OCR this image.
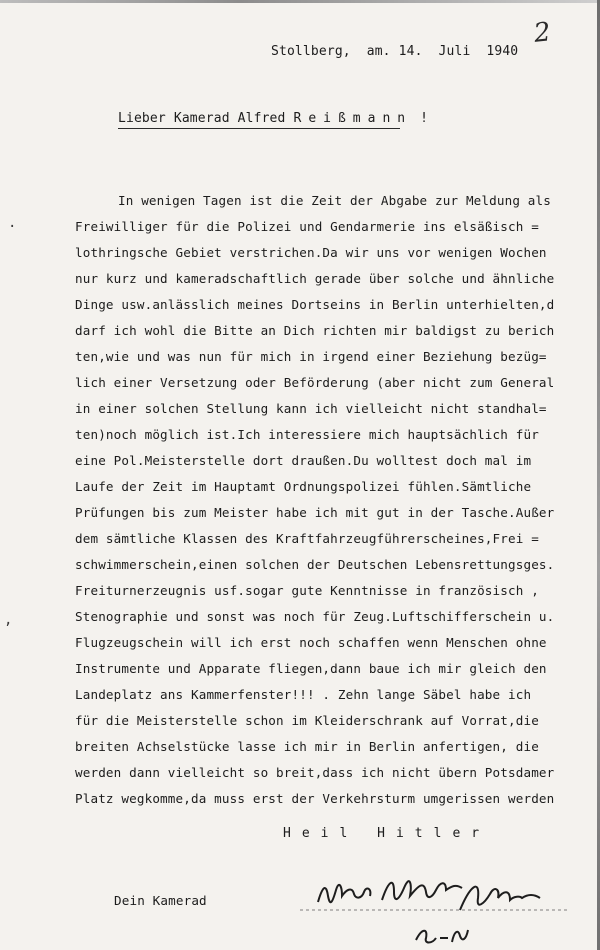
Stollberg,  am. 14.  Juli  1940

2

Lieber Kamerad Alfred Reißmann !

In wenigen Tagen ist die Zeit der Abgabe zur Meldung als

Freiwilliger für die Polizei und Gendarmerie ins elsäßisch =

lothringsche Gebiet verstrichen.Da wir uns vor wenigen Wochen

nur kurz und kameradschaftlich gerade über solche und ähnliche

Dinge usw.anlässlich meines Dortseins in Berlin unterhielten,d

darf ich wohl die Bitte an Dich richten mir baldigst zu berich

ten,wie und was nun für mich in irgend einer Beziehung bezüg=

lich einer Versetzung oder Beförderung (aber nicht zum General

in einer solchen Stellung kann ich vielleicht nicht standhal=

ten)noch möglich ist.Ich interessiere mich hauptsächlich für

eine Pol.Meisterstelle dort draußen.Du wolltest doch mal im

Laufe der Zeit im Hauptamt Ordnungspolizei fühlen.Sämtliche

Prüfungen bis zum Meister habe ich mit gut in der Tasche.Außer

dem sämtliche Klassen des Kraftfahrzeugführerscheines,Frei =

schwimmerschein,einen solchen der Deutschen Lebensrettungsges.

Freiturnerzeugnis usf.sogar gute Kenntnisse in französisch ,

Stenographie und sonst was noch für Zeug.Luftschifferschein u.

Flugzeugschein will ich erst noch schaffen wenn Menschen ohne

Instrumente und Apparate fliegen,dann baue ich mir gleich den

Landeplatz ans Kammerfenster!!! . Zehn lange Säbel habe ich

für die Meisterstelle schon im Kleiderschrank auf Vorrat,die

breiten Achselstücke lasse ich mir in Berlin anfertigen, die

werden dann vielleicht so breit,dass ich nicht übern Potsdamer

Platz wegkomme,da muss erst der Verkehrsturm umgerissen werden

Heil Hitler

Dein Kamerad

.
,
